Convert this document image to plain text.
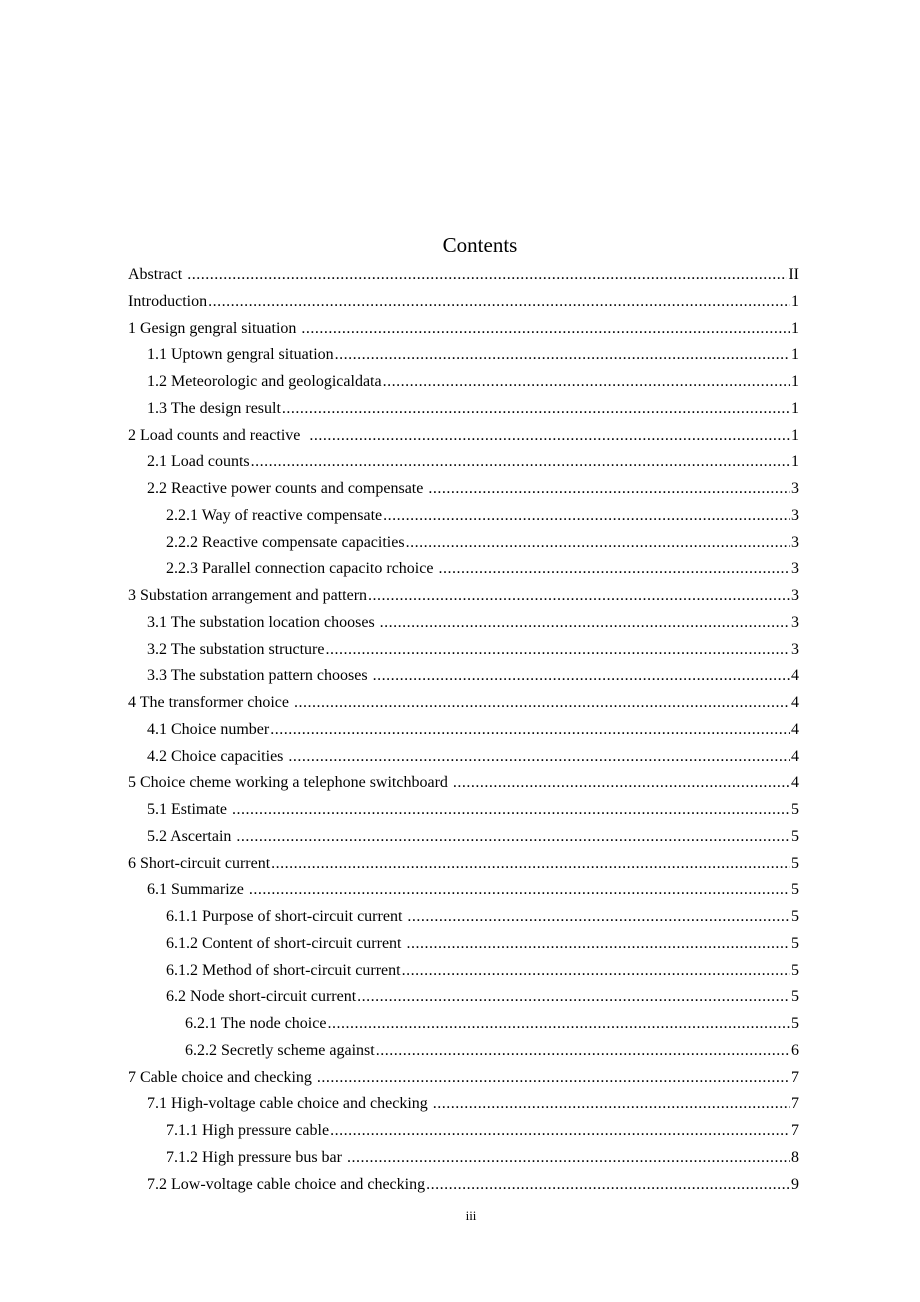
Contents
Abstract .....	II
Introduction .....	1
1 Gesign gengral situation .....	1
1.1 Uptown gengral situation .....	1
1.2 Meteorologic and geologicaldata .....	1
1.3 The design result .....	1
2 Load counts and reactive .....	1
2.1 Load counts .....	1
2.2 Reactive power counts and compensate .....	3
2.2.1 Way of reactive compensate .....	3
2.2.2 Reactive compensate capacities .....	3
2.2.3 Parallel connection capacito rchoice .....	3
3 Substation arrangement and pattern .....	3
3.1 The substation location chooses .....	3
3.2 The substation structure .....	3
3.3 The substation pattern chooses .....	4
4 The transformer choice .....	4
4.1 Choice number .....	4
4.2 Choice capacities .....	4
5 Choice cheme working a telephone switchboard .....	4
5.1 Estimate .....	5
5.2 Ascertain .....	5
6 Short-circuit current .....	5
6.1 Summarize .....	5
6.1.1 Purpose of short-circuit current .....	5
6.1.2 Content of short-circuit current .....	5
6.1.2 Method of short-circuit current .....	5
6.2 Node short-circuit current .....	5
6.2.1 The node choice .....	5
6.2.2 Secretly scheme against .....	6
7 Cable choice and checking .....	7
7.1 High-voltage cable choice and checking .....	7
7.1.1 High pressure cable .....	7
7.1.2 High pressure bus bar .....	8
7.2 Low-voltage cable choice and checking .....	9
iii
